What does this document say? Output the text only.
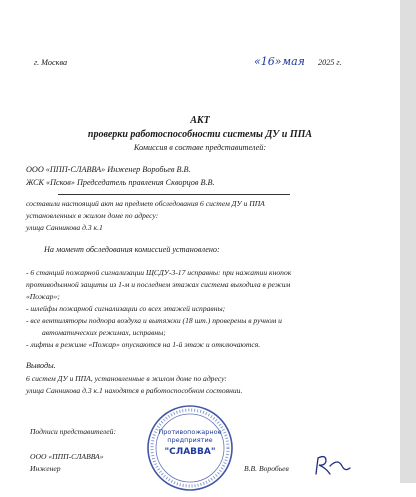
г. Москва	«16» мая 2025 г.
АКТ
проверки работоспособности системы ДУ и ППА
Комиссия в составе представителей:
ООО «ППП-СЛАВВА» Инженер Воробьев В.В.
ЖСК «Псков» Председатель правления Скворцов В.В.
составили настоящий акт на предмет обследования 6 систем ДУ и ППА
установленных в жилом доме по адресу:
улица Санникова д.3 к.1
На момент обследования комиссией установлено:
- 6 станций пожарной сигнализации ЩСДУ-3-17 исправны: при нажатии кнопок
противодымной защиты из 1-м и последнем этажах система выходила в режим
«Пожар»;
- шлейфы пожарной сигнализации со всех этажей исправны;
- все вентиляторы подпора воздуха и вытяжки (18 шт.) проверены в ручном и
автоматических режимах, исправны;
- лифты в режиме «Пожар» опускаются на 1-й этаж и отключаются.
Выводы.
6 систем ДУ и ППА, установленные в жилом доме по адресу:
улица Санникова д.3 к.1 находятся в работоспособном состоянии.
Подписи представителей:
ООО «ППП-СЛАВВА»
Инженер	В.В. Воробьев
Противопожарное
предприятие
"СЛАВВА"
